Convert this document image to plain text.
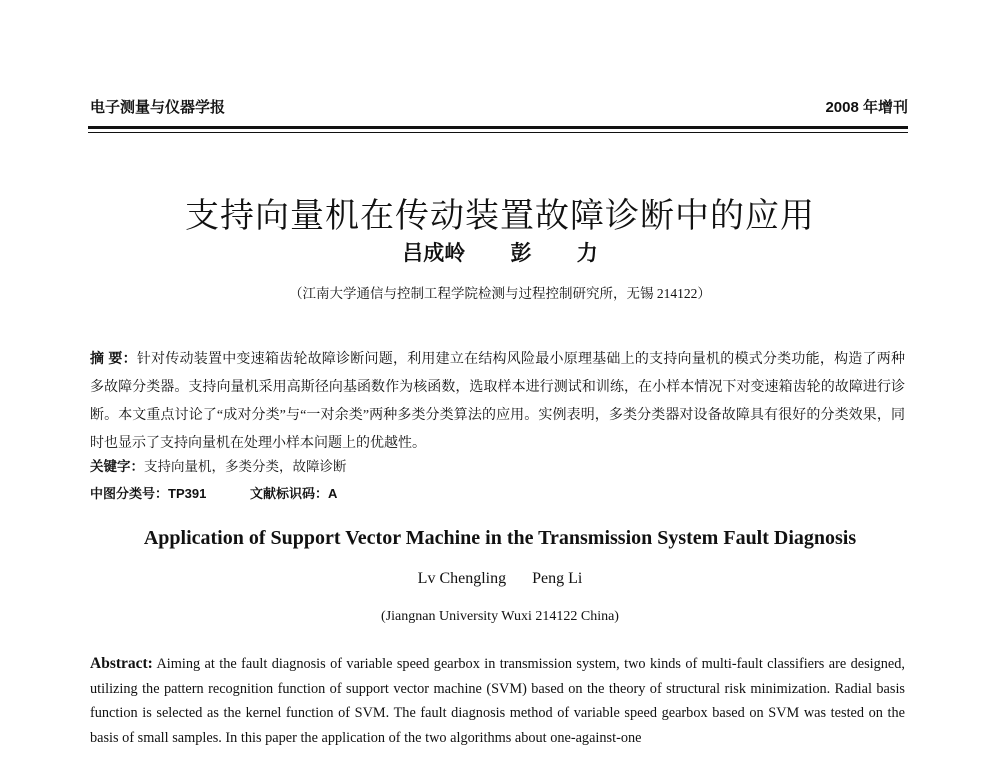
电子测量与仪器学报	2008 年增刊
支持向量机在传动装置故障诊断中的应用
吕成岭 彭 力
（江南大学通信与控制工程学院检测与过程控制研究所，无锡 214122）
摘 要：针对传动装置中变速箱齿轮故障诊断问题，利用建立在结构风险最小原理基础上的支持向量机的模式分类功能，构造了两种多故障分类器。支持向量机采用高斯径向基函数作为核函数，选取样本进行测试和训练，在小样本情况下对变速箱齿轮的故障进行诊断。本文重点讨论了“成对分类”与“一对余类”两种多类分类算法的应用。实例表明，多类分类器对设备故障具有很好的分类效果，同时也显示了支持向量机在处理小样本问题上的优越性。
关键字：支持向量机，多类分类，故障诊断
中图分类号：TP391	文献标识码：A
Application of Support Vector Machine in the Transmission System Fault Diagnosis
Lv Chengling Peng Li
(Jiangnan University Wuxi 214122 China)
Abstract: Aiming at the fault diagnosis of variable speed gearbox in transmission system, two kinds of multi-fault classifiers are designed, utilizing the pattern recognition function of support vector machine (SVM) based on the theory of structural risk minimization. Radial basis function is selected as the kernel function of SVM. The fault diagnosis method of variable speed gearbox based on SVM was tested on the basis of small samples. In this paper the application of the two algorithms about one-against-one
